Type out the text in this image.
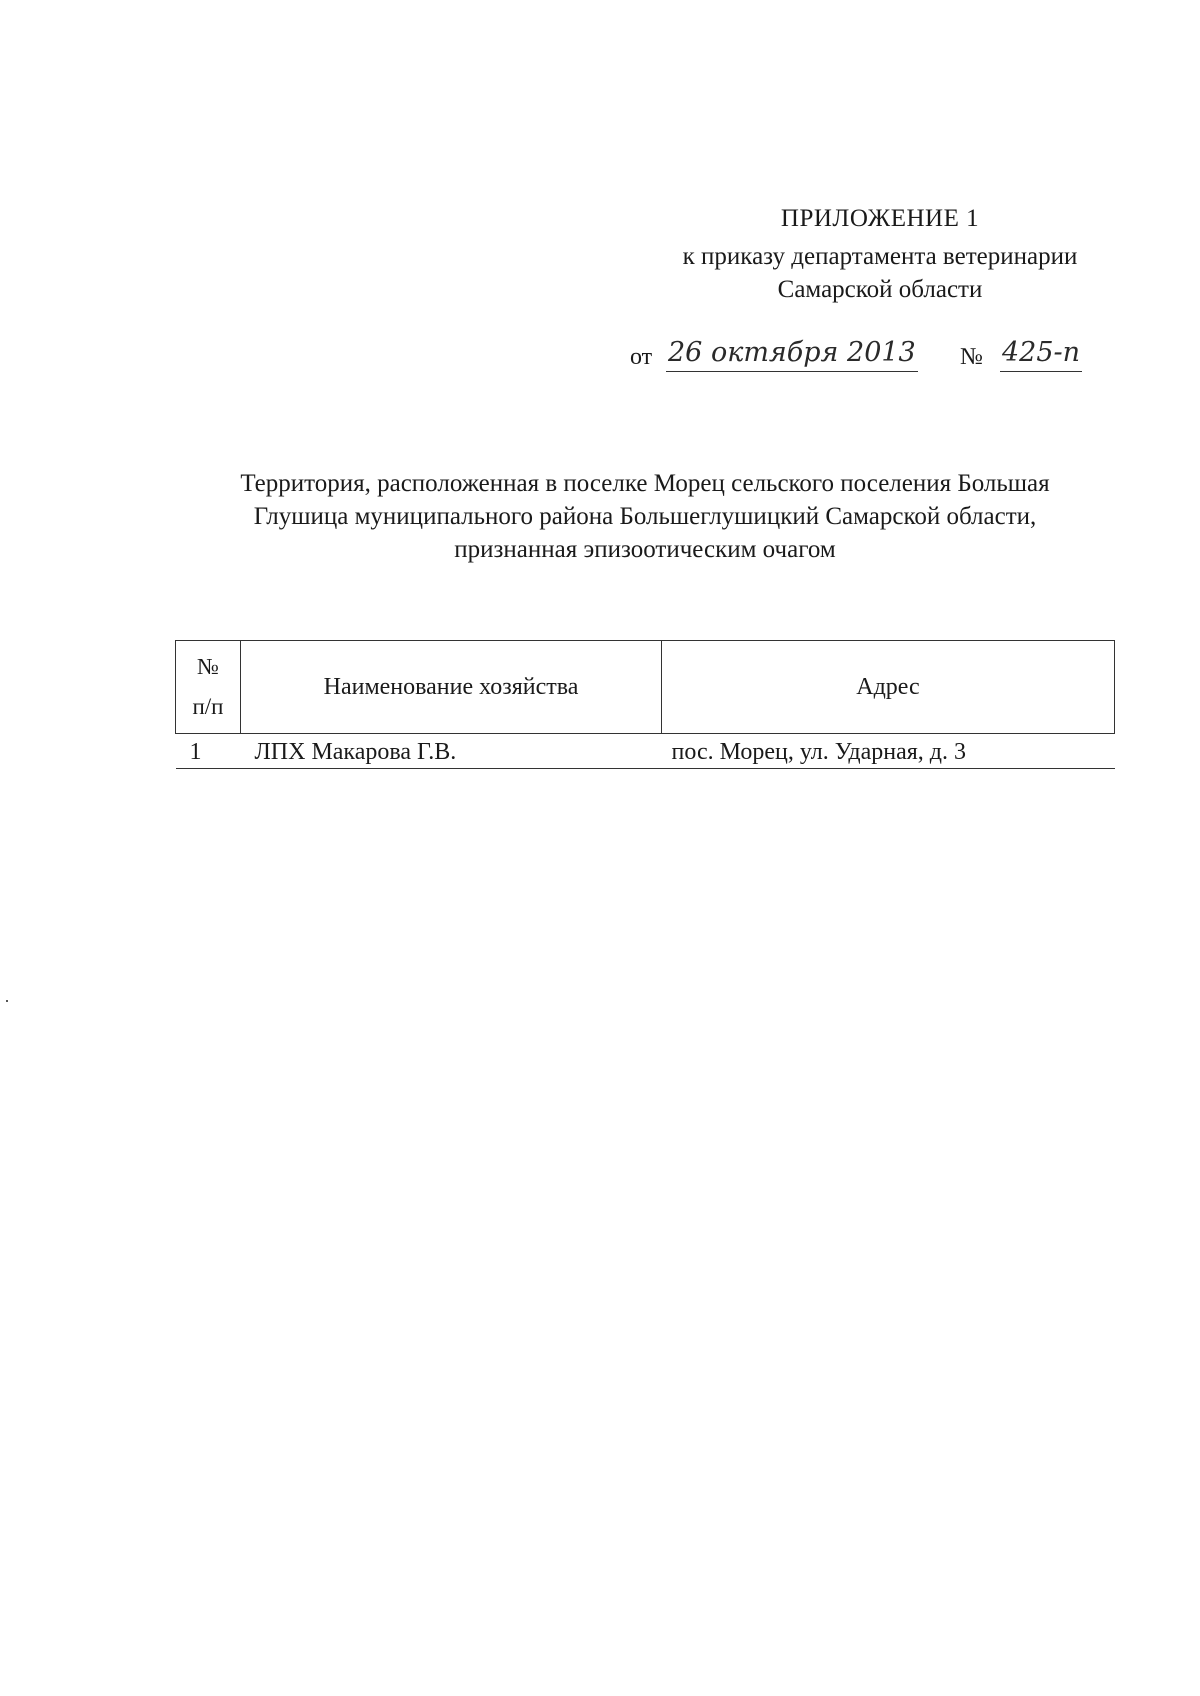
ПРИЛОЖЕНИЕ 1
к приказу департамента ветеринарии
Самарской области
от 26 октября 2013 № 425-п
Территория, расположенная в поселке Морец сельского поселения Большая
Глушица муниципального района Большеглушицкий Самарской области,
признанная эпизоотическим очагом
№
п/п	Наименование хозяйства	Адрес
1	ЛПХ Макарова Г.В.	пос. Морец, ул. Ударная, д. 3
